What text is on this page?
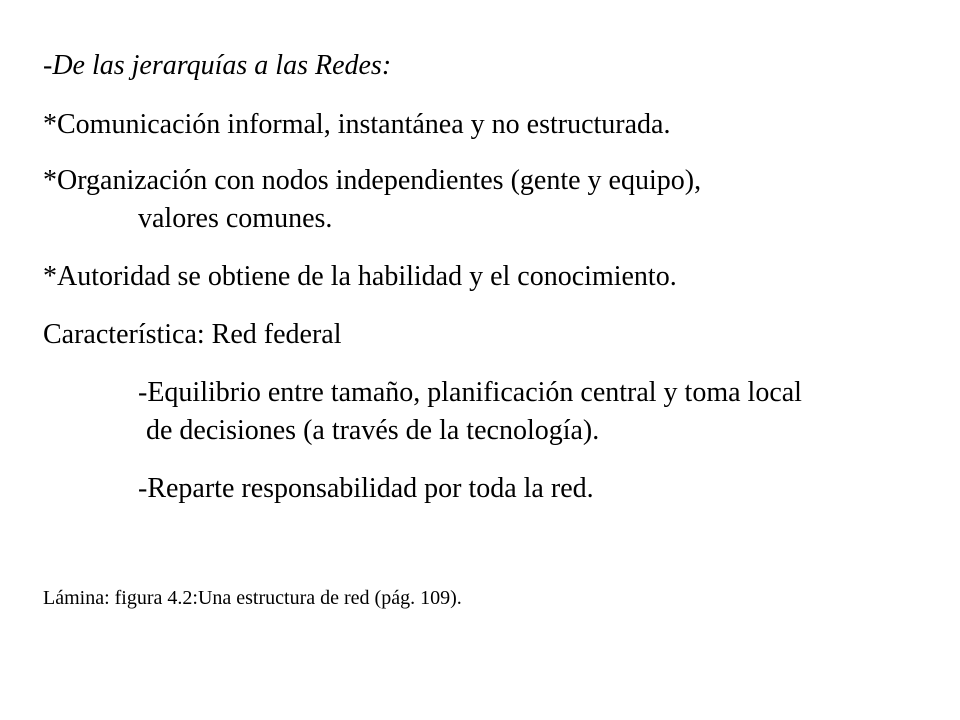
-De las jerarquías a las Redes:

*Comunicación informal, instantánea y no estructurada.

*Organización con nodos independientes (gente y equipo),

valores comunes.

*Autoridad se obtiene de la habilidad y el conocimiento.

Característica: Red federal

-Equilibrio entre tamaño, planificación central y toma local

de decisiones (a través de la tecnología).

-Reparte responsabilidad por toda la red.

Lámina: figura 4.2:Una estructura de red (pág. 109).
